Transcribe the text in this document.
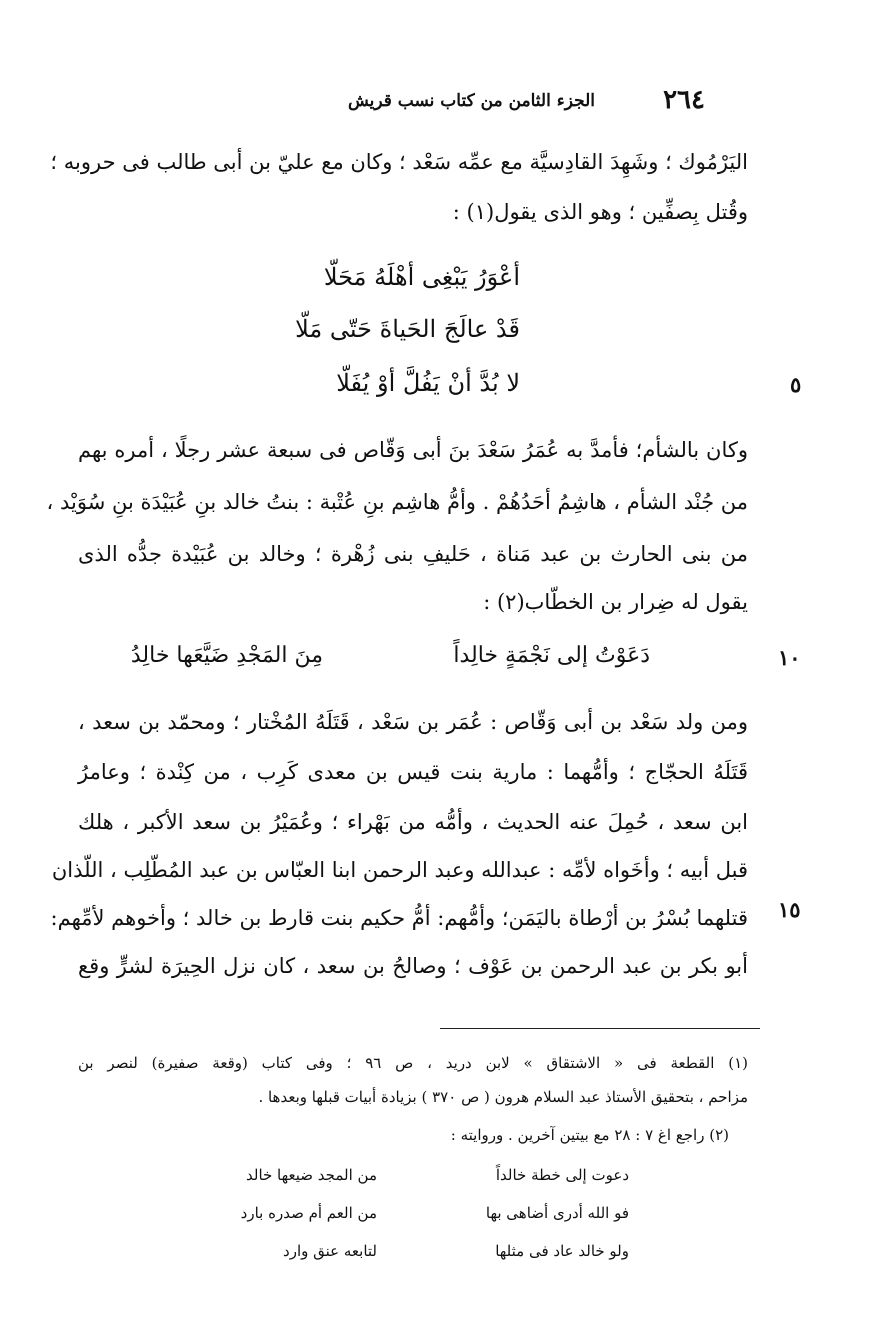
٢٦٤
الجزء الثامن من كتاب نسب قريش
اليَرْمُوك ؛ وشَهِدَ القادِسيَّة مع عمِّه سَعْد ؛ وكان مع عليّ بن أبى طالب فى حروبه ؛
وقُتل بِصفِّين ؛ وهو الذى يقول(١) :
أعْوَرُ يَبْغِى أهْلَهُ مَحَلّا
قَدْ عالَجَ الحَياةَ حَتّى مَلّا
لا بُدَّ أنْ يَفُلَّ أوْ يُفَلّا	٥
وكان بالشأم؛ فأمدَّ به عُمَرُ سَعْدَ بنَ أبى وَقّاص فى سبعة عشر رجلًا ، أمره بهم
من جُنْد الشأم ، هاشِمُ أحَدُهُمْ . وأمُّ هاشِم بنِ عُتْبة : بنتُ خالد بنِ عُبَيْدَة بنِ سُوَيْد ،
من بنى الحارث بن عبد مَناة ، حَليفِ بنى زُهْرة ؛ وخالد بن عُبَيْدة جدُّه الذى
يقول له ضِرار بن الخطّاب(٢) :
دَعَوْتُ إلى نَجْمَةٍ خالِداً
مِنَ المَجْدِ ضَيَّعَها خالِدُ	١٠
ومن ولد سَعْد بن أبى وَقّاص : عُمَر بن سَعْد ، قَتَلَهُ المُخْتار ؛ ومحمّد بن سعد ،
قَتَلَهُ الحجّاج ؛ وأمُّهما : مارية بنت قيس بن معدى كَرِب ، من كِنْدة ؛ وعامرُ
ابن سعد ، حُمِلَ عنه الحديث ، وأمُّه من بَهْراء ؛ وعُمَيْرُ بن سعد الأكبر ، هلك
قبل أبيه ؛ وأخَواه لأمِّه : عبدالله وعبد الرحمن ابنا العبّاس بن عبد المُطّلِب ، اللّذان
قتلهما بُسْرُ بن أرْطاة باليَمَن؛ وأمُّهم: أمُّ حكيم بنت قارط بن خالد ؛ وأخوهم لأمِّهم: ١٥
أبو بكر بن عبد الرحمن بن عَوْف ؛ وصالحُ بن سعد ، كان نزل الحِيرَة لشرٍّ وقع
(١) القطعة فى « الاشتقاق » لابن دريد ، ص ٩٦ ؛ وفى كتاب (وقعة صفيرة) لنصر بن
مزاحم ، بتحقيق الأستاذ عبد السلام هرون ( ص ٣٧٠ ) بزيادة أبيات قبلها وبعدها .
(٢) راجع اغ ٧ : ٢٨ مع بيتين آخرين . وروايته :
دعوت إلى خطة خالداً
من المجد ضيعها خالد
فو الله أدرى أضاهى بها
من العم أم صدره بارد
ولو خالد عاد فى مثلها
لتابعه عنق وارد
